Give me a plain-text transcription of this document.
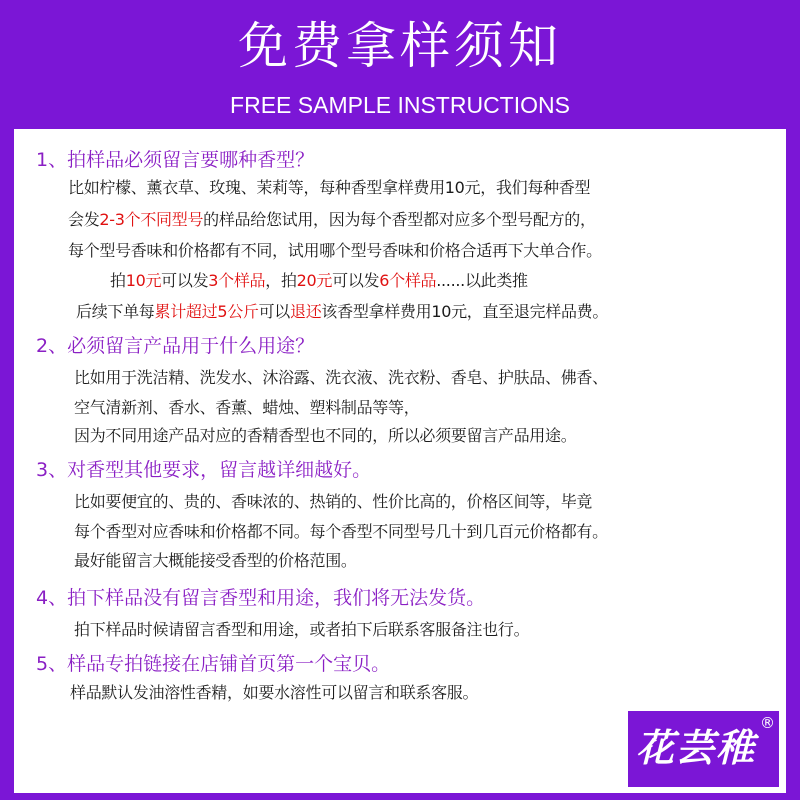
免费拿样须知
FREE SAMPLE INSTRUCTIONS
1、拍样品必须留言要哪种香型？
比如柠檬、薰衣草、玫瑰、茉莉等，每种香型拿样费用10元，我们每种香型
会发2-3个不同型号的样品给您试用，因为每个香型都对应多个型号配方的，
每个型号香味和价格都有不同，试用哪个型号香味和价格合适再下大单合作。
拍10元可以发3个样品，拍20元可以发6个样品......以此类推
后续下单每累计超过5公斤可以退还该香型拿样费用10元，直至退完样品费。
2、必须留言产品用于什么用途？
比如用于洗洁精、洗发水、沐浴露、洗衣液、洗衣粉、香皂、护肤品、佛香、
空气清新剂、香水、香薰、蜡烛、塑料制品等等，
因为不同用途产品对应的香精香型也不同的，所以必须要留言产品用途。
3、对香型其他要求，留言越详细越好。
比如要便宜的、贵的、香味浓的、热销的、性价比高的，价格区间等，毕竟
每个香型对应香味和价格都不同。每个香型不同型号几十到几百元价格都有。
最好能留言大概能接受香型的价格范围。
4、拍下样品没有留言香型和用途，我们将无法发货。
拍下样品时候请留言香型和用途，或者拍下后联系客服备注也行。
5、样品专拍链接在店铺首页第一个宝贝。
样品默认发油溶性香精，如要水溶性可以留言和联系客服。
花芸稚
®
